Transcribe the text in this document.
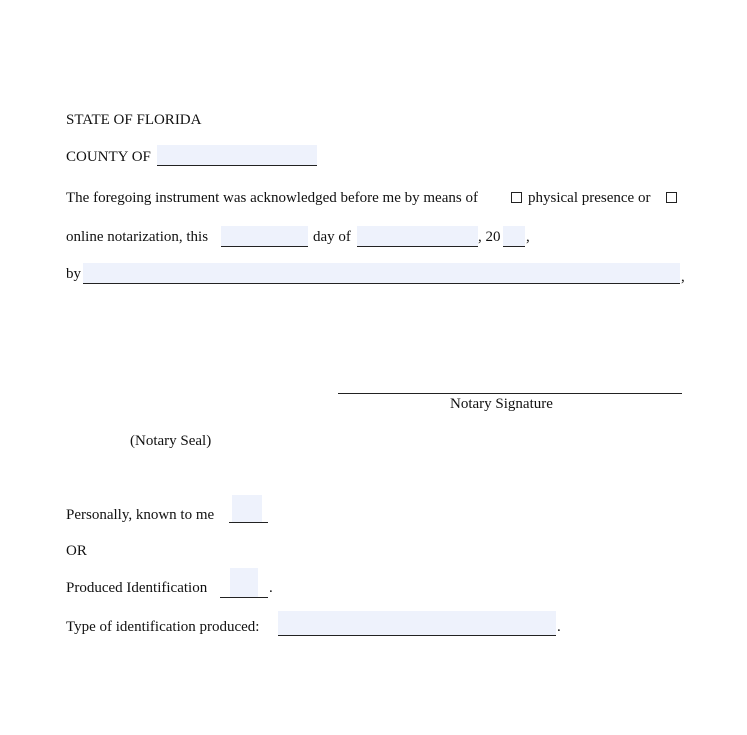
STATE OF FLORIDA
COUNTY OF
The foregoing instrument was acknowledged before me by means of	physical presence or
online notarization, this	day of	, 20 ,
by	,
Notary Signature
(Notary Seal)
Personally, known to me
OR
Produced Identification	.
Type of identification produced:	.
